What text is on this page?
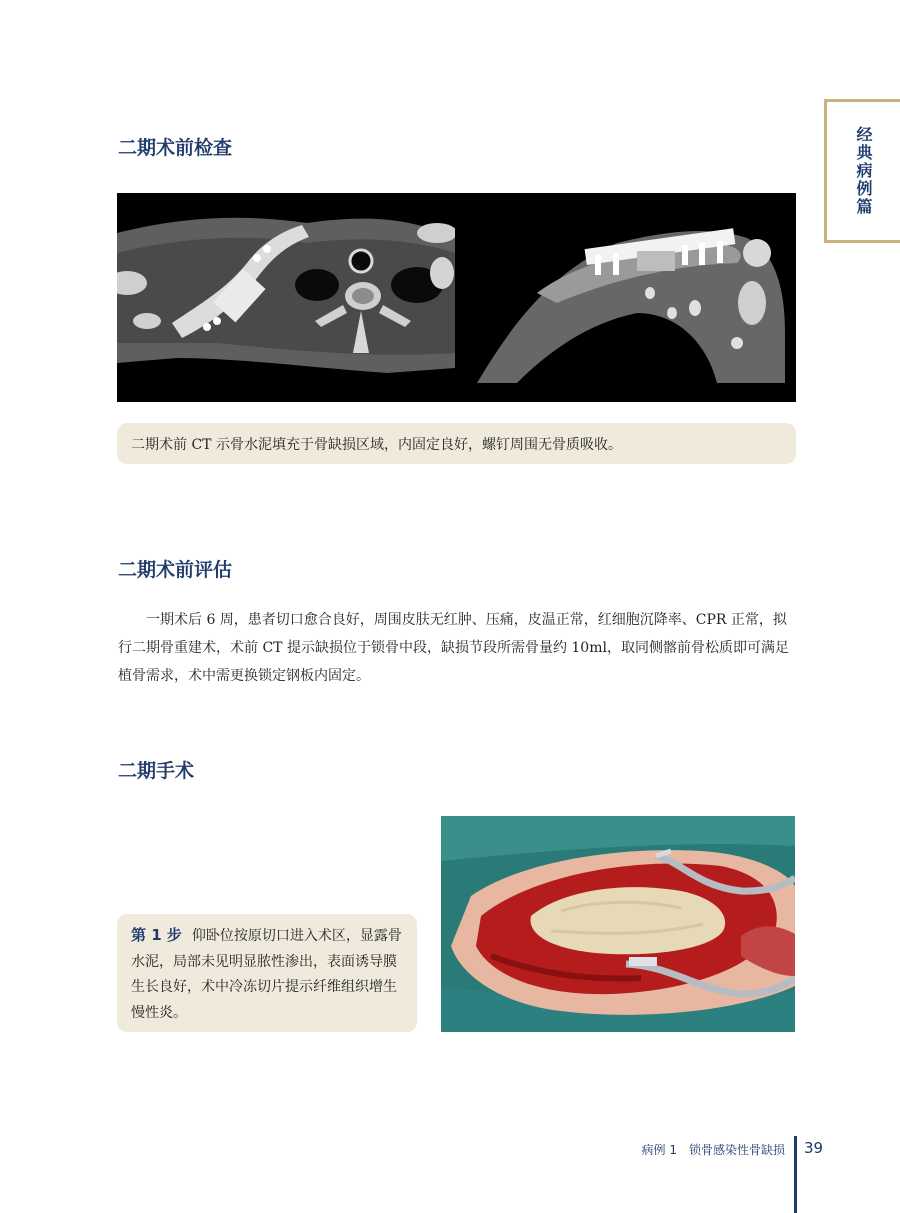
经典病例篇
二期术前检查
二期术前 CT 示骨水泥填充于骨缺损区域，内固定良好，螺钉周围无骨质吸收。
二期术前评估

一期术后 6 周，患者切口愈合良好，周围皮肤无红肿、压痛，皮温正常，红细胞沉降率、CPR 正常，拟行二期骨重建术，术前 CT 提示缺损位于锁骨中段，缺损节段所需骨量约 10ml，取同侧髂前骨松质即可满足植骨需求，术中需更换锁定钢板内固定。

二期手术
第 1 步 仰卧位按原切口进入术区，显露骨水泥，局部未见明显脓性渗出，表面诱导膜生长良好，术中冷冻切片提示纤维组织增生慢性炎。
病例 1 锁骨感染性骨缺损 39
